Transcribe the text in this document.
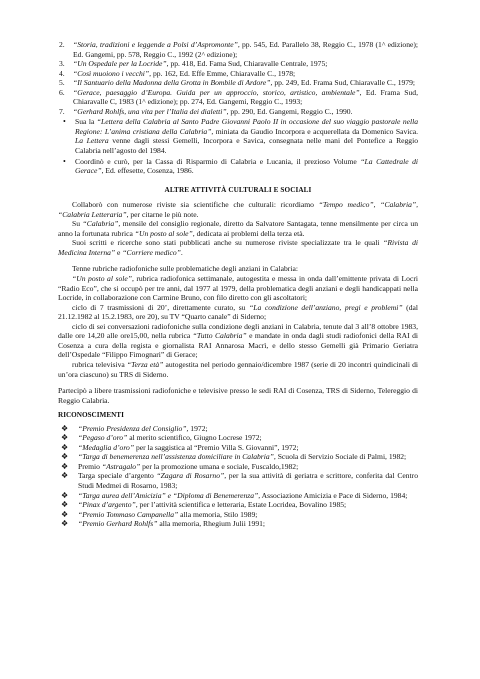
2. “Storia, tradizioni e leggende a Polsi d’Aspromonte”, pp. 545, Ed. Parallelo 38, Reggio C., 1978 (1^ edizione); Ed. Gangemi, pp. 578, Reggio C., 1992 (2^ edizione);
3. “Un Ospedale per la Locride”, pp. 418, Ed. Fama Sud, Chiaravalle Centrale, 1975;
4. “Così muoiono i vecchi”, pp. 162, Ed. Effe Emme, Chiaravalle C., 1978;
5. “Il Santuario della Madonna della Grotta in Bombile di Ardore”, pp. 249, Ed. Frama Sud, Chiaravalle C., 1979;
6. “Gerace, paesaggio d’Europa. Guida per un approccio, storico, artistico, ambientale”, Ed. Frama Sud, Chiaravalle C, 1983 (1^ edizione); pp. 274, Ed. Gangemi, Reggio C., 1993;
7. “Gerhard Rohlfs, una vita per l’Italia dei dialetti”, pp. 290, Ed. Gangemi, Reggio C., 1990.
• Sua la “Lettera della Calabria al Santo Padre Giovanni Paolo II in occasione del suo viaggio pastorale nella Regione: L’anima cristiana della Calabria”, miniata da Gaudio Incorpora e acquerellata da Domenico Savica. La Lettera venne dagli stessi Gemelli, Incorpora e Savica, consegnata nelle mani del Pontefice a Reggio Calabria nell’agosto del 1984.
• Coordinò e curò, per la Cassa di Risparmio di Calabria e Lucania, il prezioso Volume “La Cattedrale di Gerace”, Ed. effesette, Cosenza, 1986.
ALTRE ATTIVITÀ CULTURALI E SOCIALI

Collaborò con numerose riviste sia scientifiche che culturali: ricordiamo “Tempo medico”, “Calabria”, “Calabria Letteraria”, per citarne le più note.

Su “Calabria”, mensile del consiglio regionale, diretto da Salvatore Santagata, tenne mensilmente per circa un anno la fortunata rubrica “Un posto al sole”, dedicata ai problemi della terza età.

Suoi scritti e ricerche sono stati pubblicati anche su numerose riviste specializzate tra le quali “Rivista di Medicina Interna” e “Corriere medico”.

Tenne rubriche radiofoniche sulle problematiche degli anziani in Calabria:

“Un posto al sole”, rubrica radiofonica settimanale, autogestita e messa in onda dall’emittente privata di Locri “Radio Eco”, che si occupò per tre anni, dal 1977 al 1979, della problematica degli anziani e degli handicappati nella Locride, in collaborazione con Carmine Bruno, con filo diretto con gli ascoltatori;

ciclo di 7 trasmissioni di 20’, direttamente curato, su “La condizione dell’anziano, pregi e problemi” (dal 21.12.1982 al 15.2.1983, ore 20), su TV “Quarto canale” di Siderno;

ciclo di sei conversazioni radiofoniche sulla condizione degli anziani in Calabria, tenute dal 3 all’8 ottobre 1983, dalle ore 14,20 alle ore15,00, nella rubrica “Tutto Calabria” e mandate in onda dagli studi radiofonici della RAI di Cosenza a cura della regista e giornalista RAI Annarosa Macrì, e dello stesso Gemelli già Primario Geriatra dell’Ospedale “Filippo Fimognari” di Gerace;

rubrica televisiva “Terza età” autogestita nel periodo gennaio/dicembre 1987 (serie di 20 incontri quindicinali di un’ora ciascuno) su TRS di Siderno.

Partecipò a libere trasmissioni radiofoniche e televisive presso le sedi RAI di Cosenza, TRS di Siderno, Telereggio di Reggio Calabria.

RICONOSCIMENTI
❖ “Premio Presidenza del Consiglio”, 1972;
❖ “Pegaso d’oro” al merito scientifico, Giugno Locrese 1972;
❖ “Medaglia d’oro” per la saggistica al “Premio Villa S. Giovanni”, 1972;
❖ “Targa di benemerenza nell’assistenza domiciliare in Calabria”, Scuola di Servizio Sociale di Palmi, 1982;
❖ Premio “Astragalo” per la promozione umana e sociale, Fuscaldo,1982;
❖ Targa speciale d’argento “Zagara di Rosarno”, per la sua attività di geriatra e scrittore, conferita dal Centro Studi Medmei di Rosarno, 1983;
❖ “Targa aurea dell’Amicizia” e “Diploma di Benemerenza”, Associazione Amicizia e Pace di Siderno, 1984;
❖ “Pinax d’argento”, per l’attività scientifica e letteraria, Estate Locridea, Bovalino 1985;
❖ “Premio Tommaso Campanella” alla memoria, Stilo 1989;
❖ “Premio Gerhard Rohlfs” alla memoria, Rhegium Julii 1991;
